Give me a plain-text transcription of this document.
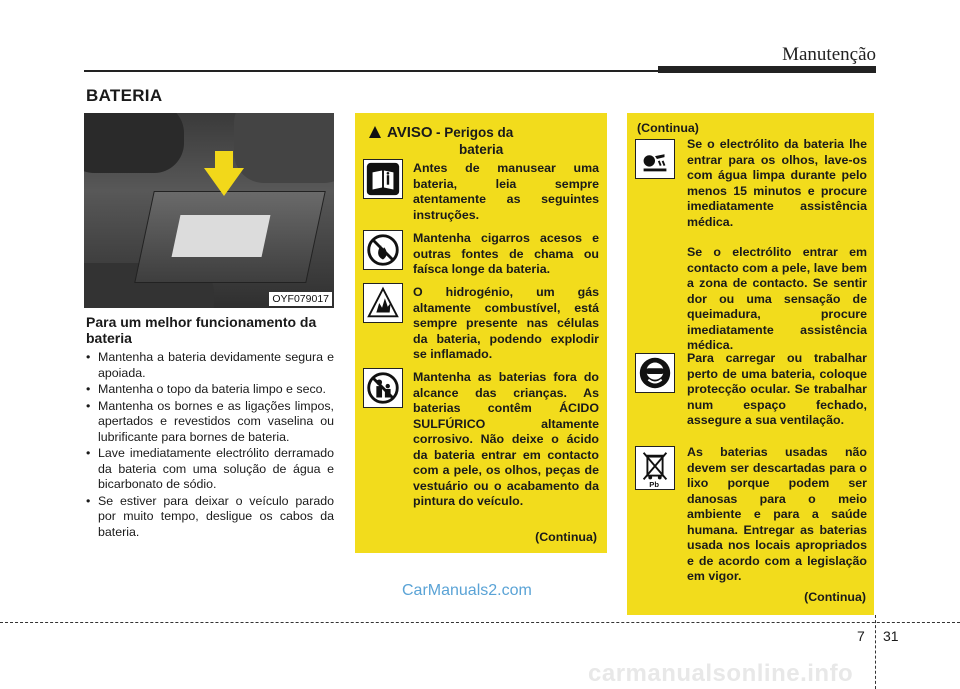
Manutenção
BATERIA
OYF079017
Para um melhor funcionamento da bateria
• Mantenha a bateria devidamente segura e apoiada.
• Mantenha o topo da bateria limpo e seco.
• Mantenha os bornes e as ligações limpos, apertados e revestidos com vaselina ou lubrificante para bornes de bateria.
• Lave imediatamente electrólito derramado da bateria com uma solução de água e bicarbonato de sódio.
• Se estiver para deixar o veículo parado por muito tempo, desligue os cabos da bateria.
CarManuals2.com
AVISO - Perigos da
bateria

Antes de manusear uma bateria, leia sempre atentamente as seguintes instruções.

Mantenha cigarros acesos e outras fontes de chama ou faísca longe da bateria.

O hidrogénio, um gás altamente combustível, está sempre presente nas células da bateria, podendo explodir se inflamado.

Mantenha as baterias fora do alcance das crianças. As baterias contêm ÁCIDO SULFÚRICO altamente corrosivo. Não deixe o ácido da bateria entrar em contacto com a pele, os olhos, peças de vestuário ou o acabamento da pintura do veículo.

(Continua)

(Continua)

Se o electrólito da bateria lhe entrar para os olhos, lave-os com água limpa durante pelo menos 15 minutos e procure imediatamente assistência médica.

Se o electrólito entrar em contacto com a pele, lave bem a zona de contacto. Se sentir dor ou uma sensação de queimadura, procure imediatamente assistência médica.

Para carregar ou trabalhar perto de uma bateria, coloque protecção ocular. Se trabalhar num espaço fechado, assegure a sua ventilação.

Pb

As baterias usadas não devem ser descartadas para o lixo porque podem ser danosas para o meio ambiente e para a saúde humana. Entregar as baterias usada nos locais apropriados e de acordo com a legislação em vigor.

(Continua)

7 31
carmanualsonline.info
